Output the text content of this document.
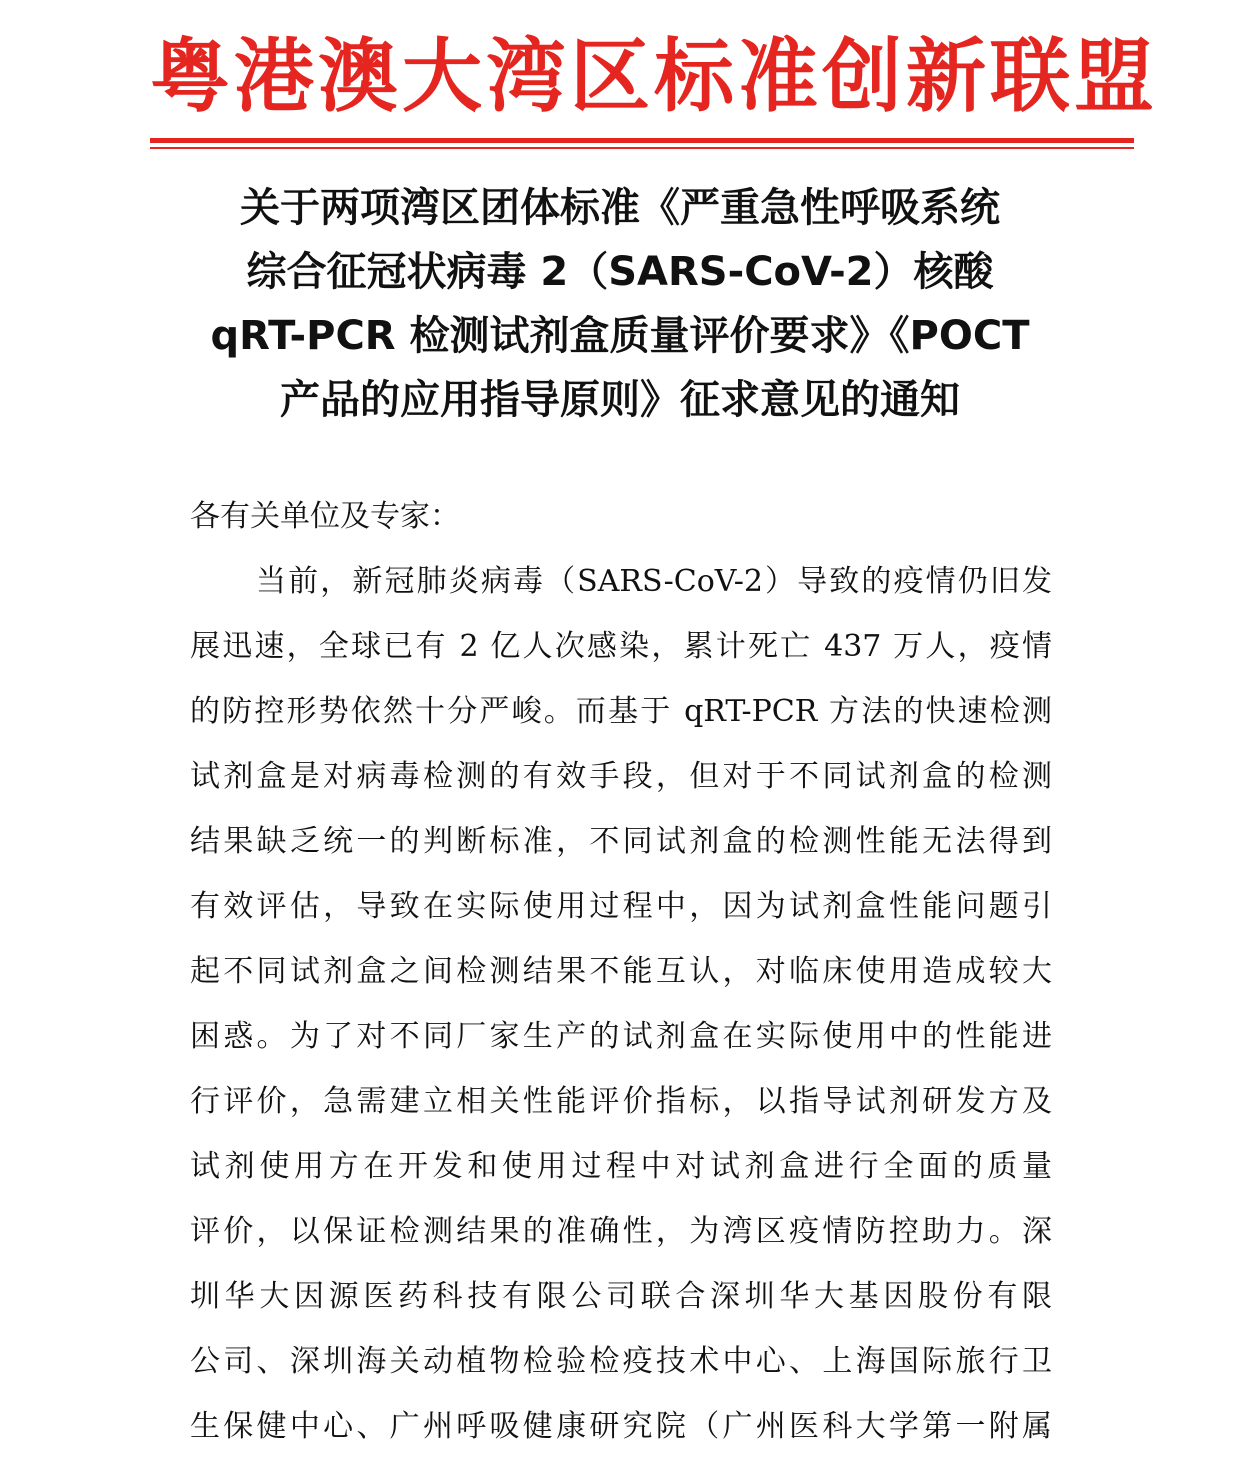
粤港澳大湾区标准创新联盟
关于两项湾区团体标准《严重急性呼吸系统
综合征冠状病毒 2（SARS-CoV-2）核酸
qRT-PCR 检测试剂盒质量评价要求》《POCT
产品的应用指导原则》征求意见的通知

各有关单位及专家：

当前，新冠肺炎病毒（SARS-CoV-2）导致的疫情仍旧发
展迅速，全球已有 2 亿人次感染，累计死亡 437 万人，疫情
的防控形势依然十分严峻。而基于 qRT-PCR 方法的快速检测
试剂盒是对病毒检测的有效手段，但对于不同试剂盒的检测
结果缺乏统一的判断标准，不同试剂盒的检测性能无法得到
有效评估，导致在实际使用过程中，因为试剂盒性能问题引
起不同试剂盒之间检测结果不能互认，对临床使用造成较大
困惑。为了对不同厂家生产的试剂盒在实际使用中的性能进
行评价，急需建立相关性能评价指标，以指导试剂研发方及
试剂使用方在开发和使用过程中对试剂盒进行全面的质量
评价，以保证检测结果的准确性，为湾区疫情防控助力。深
圳华大因源医药科技有限公司联合深圳华大基因股份有限
公司、深圳海关动植物检验检疫技术中心、上海国际旅行卫
生保健中心、广州呼吸健康研究院（广州医科大学第一附属
